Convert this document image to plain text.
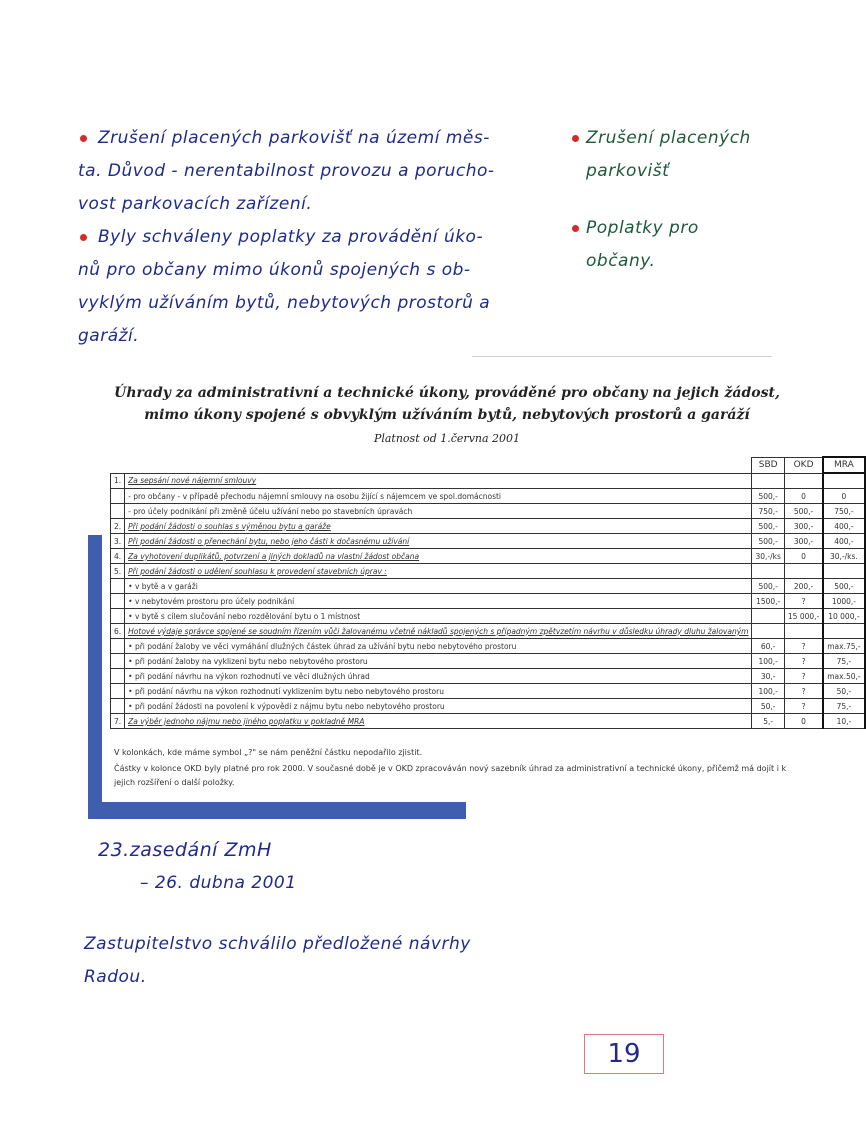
Zrušení placených parkovišť na území měs-
ta. Důvod - nerentabilnost provozu a porucho-
vost parkovacích zařízení.
Byly schváleny poplatky za provádění úko-
nů pro občany mimo úkonů spojených s ob-
vyklým užíváním bytů, nebytových prostorů a
garáží.
Zrušení placených
parkovišť
Poplatky pro
občany.
Úhrady za administrativní a technické úkony, prováděné pro občany na jejich žádost, mimo úkony spojené s obvyklým užíváním bytů, nebytových prostorů a garáží
Platnost od 1.června 2001
		SBD	OKD	MRA
1.	Za sepsání nové nájemní smlouvy			
	- pro občany - v případě přechodu nájemní smlouvy na osobu žijící s nájemcem ve spol.domácnosti	500,-	0	0
	- pro účely podnikání při změně účelu užívání nebo po stavebních úpravách	750,-	500,-	750,-
2.	Při podání žádosti o souhlas s výměnou bytu a garáže	500,-	300,-	400,-
3.	Při podání žádosti o přenechání bytu, nebo jeho části k dočasnému užívání	500,-	300,-	400,-
4.	Za vyhotovení duplikátů, potvrzení a jiných dokladů na vlastní žádost občana	30,-/ks	0	30,-/ks.
5.	Při podání žádosti o udělení souhlasu k provedení stavebních úprav :			
	• v bytě a v garáži	500,-	200,-	500,-
	• v nebytovém prostoru pro účely podnikání	1500,-	?	1000,-
	• v bytě s cílem slučování nebo rozdělování bytu o 1 místnost		15 000,-	10 000,-
6.	Hotové výdaje správce spojené se soudním řízením vůči žalovanému včetně nákladů spojených s případným zpětvzetím návrhu v důsledku úhrady dluhu žalovaným			
	• při podání žaloby ve věci vymáhání dlužných částek úhrad za užívání bytu nebo nebytového prostoru	60,-	?	max.75,-
	• při podání žaloby na vyklizení bytu nebo nebytového prostoru	100,-	?	75,-
	• při podání návrhu na výkon rozhodnutí ve věci dlužných úhrad	30,-	?	max.50,-
	• při podání návrhu na výkon rozhodnutí vyklizením bytu nebo nebytového prostoru	100,-	?	50,-
	• při podání žádosti na povolení k výpovědi z nájmu bytu nebo nebytového prostoru	50,-	?	75,-
7.	Za výběr jednoho nájmu nebo jiného poplatku v pokladně MRA	5,-	0	10,-

V kolonkách, kde máme symbol „?" se nám peněžní částku nepodařilo zjistit.

Částky v kolonce OKD byly platné pro rok 2000. V současné době je v OKD zpracováván nový sazebník úhrad za administrativní a technické úkony, přičemž má dojít i k jejich rozšíření o další položky.

23.zasedání ZmH
– 26. dubna 2001
Zastupitelstvo schválilo předložené návrhy
Radou.
19
